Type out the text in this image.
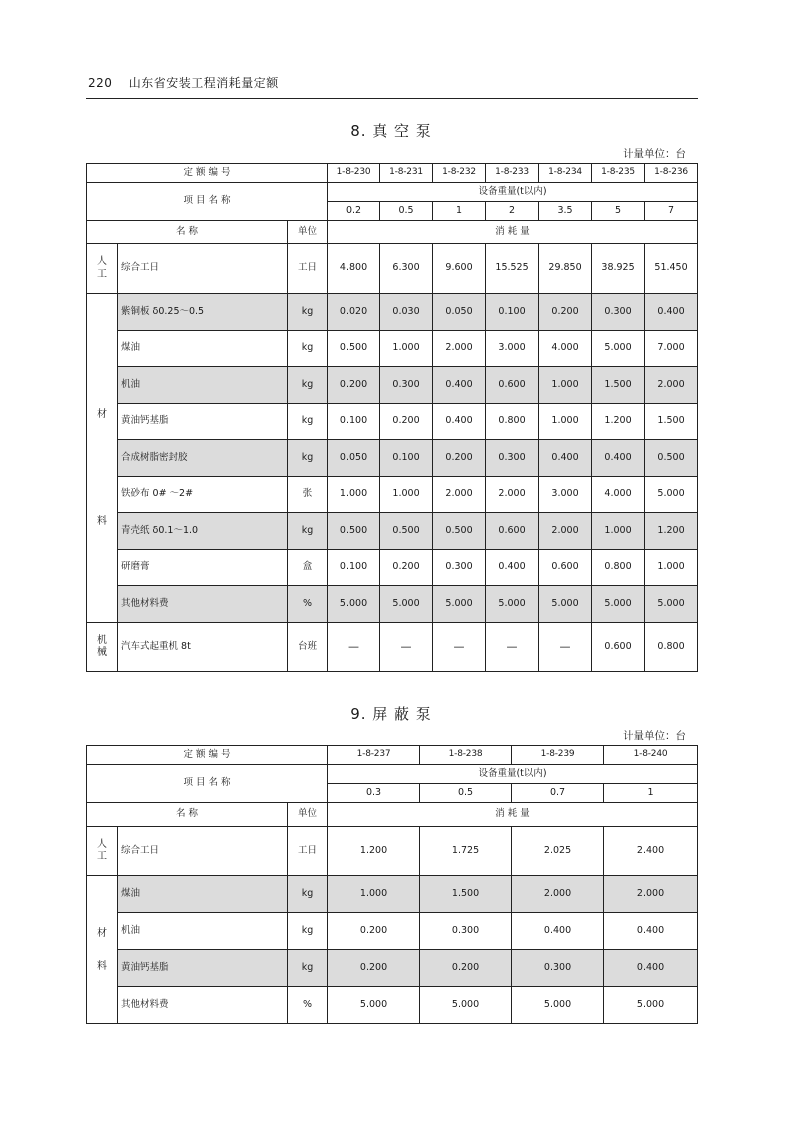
220 山东省安装工程消耗量定额
8. 真 空 泵
计量单位：台
定 额 编 号			1-8-230	1-8-231	1-8-232	1-8-233	1-8-234	1-8-235	1-8-236
项 目 名 称			设备重量(t以内)						
			0.2	0.5	1	2	3.5	5	7
名 称		单位	消 耗 量						
人
工	综合工日	工日	4.800	6.300	9.600	15.525	29.850	38.925	51.450

材
料	紫铜板 δ0.25～0.5	kg	0.020	0.030	0.050	0.100	0.200	0.300	0.400
	煤油	kg	0.500	1.000	2.000	3.000	4.000	5.000	7.000
	机油	kg	0.200	0.300	0.400	0.600	1.000	1.500	2.000
	黄油钙基脂	kg	0.100	0.200	0.400	0.800	1.000	1.200	1.500
	合成树脂密封胶	kg	0.050	0.100	0.200	0.300	0.400	0.400	0.500
	铁砂布 0# ～2#	张	1.000	1.000	2.000	2.000	3.000	4.000	5.000
	青壳纸 δ0.1～1.0	kg	0.500	0.500	0.500	0.600	2.000	1.000	1.200
	研磨膏	盒	0.100	0.200	0.300	0.400	0.600	0.800	1.000
	其他材料费	%	5.000	5.000	5.000	5.000	5.000	5.000	5.000
机
械	汽车式起重机 8t	台班	—	—	—	—	—	0.600	0.800
9. 屏 蔽 泵
计量单位：台
定 额 编 号			1-8-237	1-8-238	1-8-239	1-8-240
项 目 名 称			设备重量(t以内)			
			0.3	0.5	0.7	1
名 称		单位	消 耗 量			
人
工	综合工日	工日	1.200	1.725	2.025	2.400

材
料	煤油	kg	1.000	1.500	2.000	2.000
	机油	kg	0.200	0.300	0.400	0.400
	黄油钙基脂	kg	0.200	0.200	0.300	0.400
	其他材料费	%	5.000	5.000	5.000	5.000
